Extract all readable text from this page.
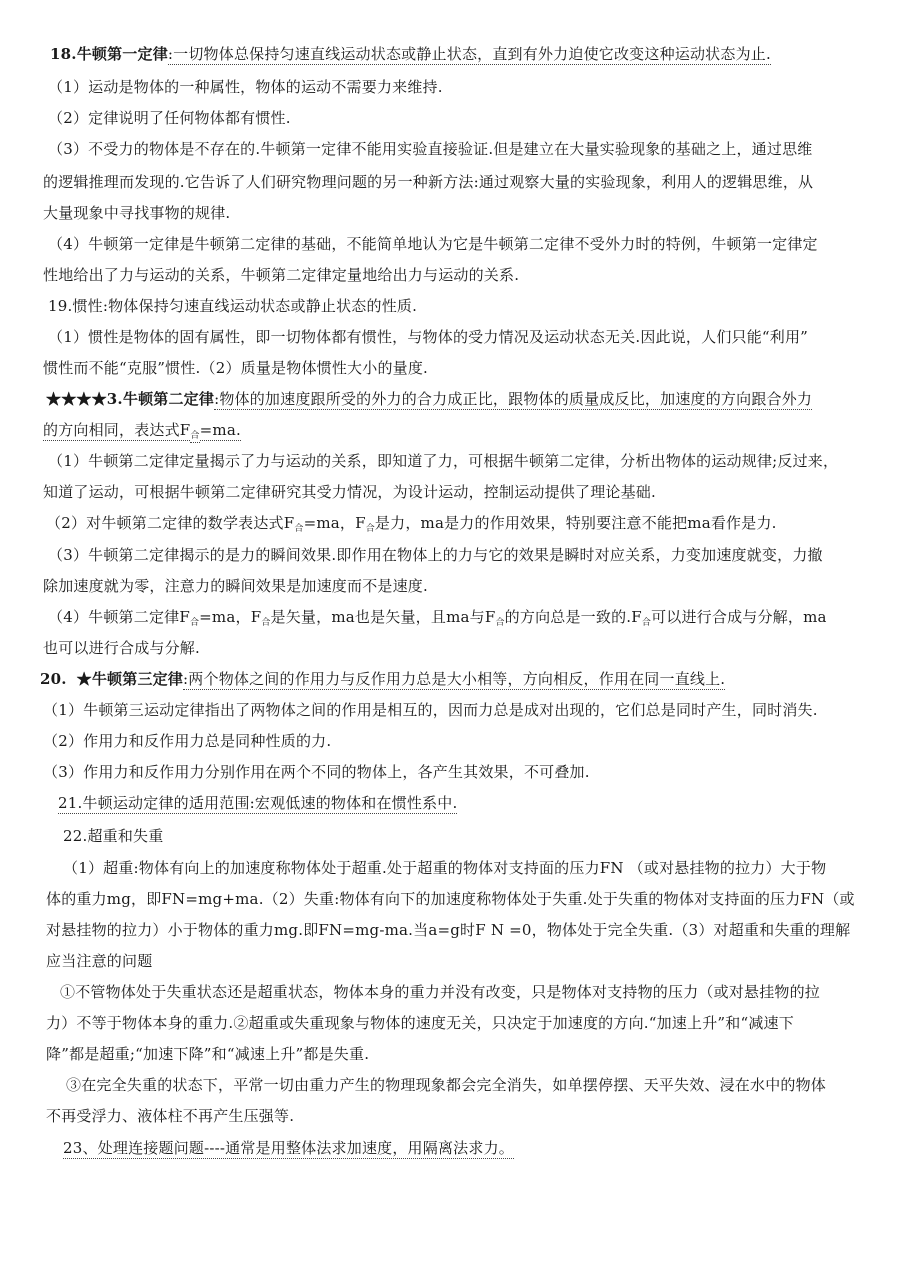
18.牛顿第一定律:一切物体总保持匀速直线运动状态或静止状态，直到有外力迫使它改变这种运动状态为止.
（1）运动是物体的一种属性，物体的运动不需要力来维持.
（2）定律说明了任何物体都有惯性.
（3）不受力的物体是不存在的.牛顿第一定律不能用实验直接验证.但是建立在大量实验现象的基础之上，通过思维
的逻辑推理而发现的.它告诉了人们研究物理问题的另一种新方法:通过观察大量的实验现象，利用人的逻辑思维，从
大量现象中寻找事物的规律.
（4）牛顿第一定律是牛顿第二定律的基础，不能简单地认为它是牛顿第二定律不受外力时的特例，牛顿第一定律定
性地给出了力与运动的关系，牛顿第二定律定量地给出力与运动的关系.
19.惯性:物体保持匀速直线运动状态或静止状态的性质.
（1）惯性是物体的固有属性，即一切物体都有惯性，与物体的受力情况及运动状态无关.因此说，人们只能“利用”
惯性而不能“克服”惯性.（2）质量是物体惯性大小的量度.
★★★★3.牛顿第二定律:物体的加速度跟所受的外力的合力成正比，跟物体的质量成反比，加速度的方向跟合外力
的方向相同，表达式$F_合=ma$.
（1）牛顿第二定律定量揭示了力与运动的关系，即知道了力，可根据牛顿第二定律，分析出物体的运动规律;反过来，
知道了运动，可根据牛顿第二定律研究其受力情况，为设计运动，控制运动提供了理论基础.
（2）对牛顿第二定律的数学表达式$F_合=ma$，$F_合$是力，ma是力的作用效果，特别要注意不能把ma看作是力.
（3）牛顿第二定律揭示的是力的瞬间效果.即作用在物体上的力与它的效果是瞬时对应关系，力变加速度就变，力撤
除加速度就为零，注意力的瞬间效果是加速度而不是速度.
（4）牛顿第二定律$F_合=ma$，$F_合$是矢量，ma也是矢量，且ma与$F_合$的方向总是一致的$.F_合$可以进行合成与分解，ma
也可以进行合成与分解.
20. ★牛顿第三定律:两个物体之间的作用力与反作用力总是大小相等，方向相反，作用在同一直线上.
（1）牛顿第三运动定律指出了两物体之间的作用是相互的，因而力总是成对出现的，它们总是同时产生，同时消失.
（2）作用力和反作用力总是同种性质的力.
（3）作用力和反作用力分别作用在两个不同的物体上，各产生其效果，不可叠加.
21.牛顿运动定律的适用范围:宏观低速的物体和在惯性系中.
22.超重和失重
（1）超重:物体有向上的加速度称物体处于超重.处于超重的物体对支持面的压力FN （或对悬挂物的拉力）大于物
体的重力mg，即FN=mg+ma.（2）失重:物体有向下的加速度称物体处于失重.处于失重的物体对支持面的压力FN（或
对悬挂物的拉力）小于物体的重力mg.即FN=mg-ma.当a=g时F N =0，物体处于完全失重.（3）对超重和失重的理解
应当注意的问题
①不管物体处于失重状态还是超重状态，物体本身的重力并没有改变，只是物体对支持物的压力（或对悬挂物的拉
力）不等于物体本身的重力.②超重或失重现象与物体的速度无关，只决定于加速度的方向.“加速上升”和“减速下
降”都是超重;“加速下降”和“减速上升”都是失重.
③在完全失重的状态下，平常一切由重力产生的物理现象都会完全消失，如单摆停摆、天平失效、浸在水中的物体
不再受浮力、液体柱不再产生压强等.
23、处理连接题问题----通常是用整体法求加速度，用隔离法求力。
